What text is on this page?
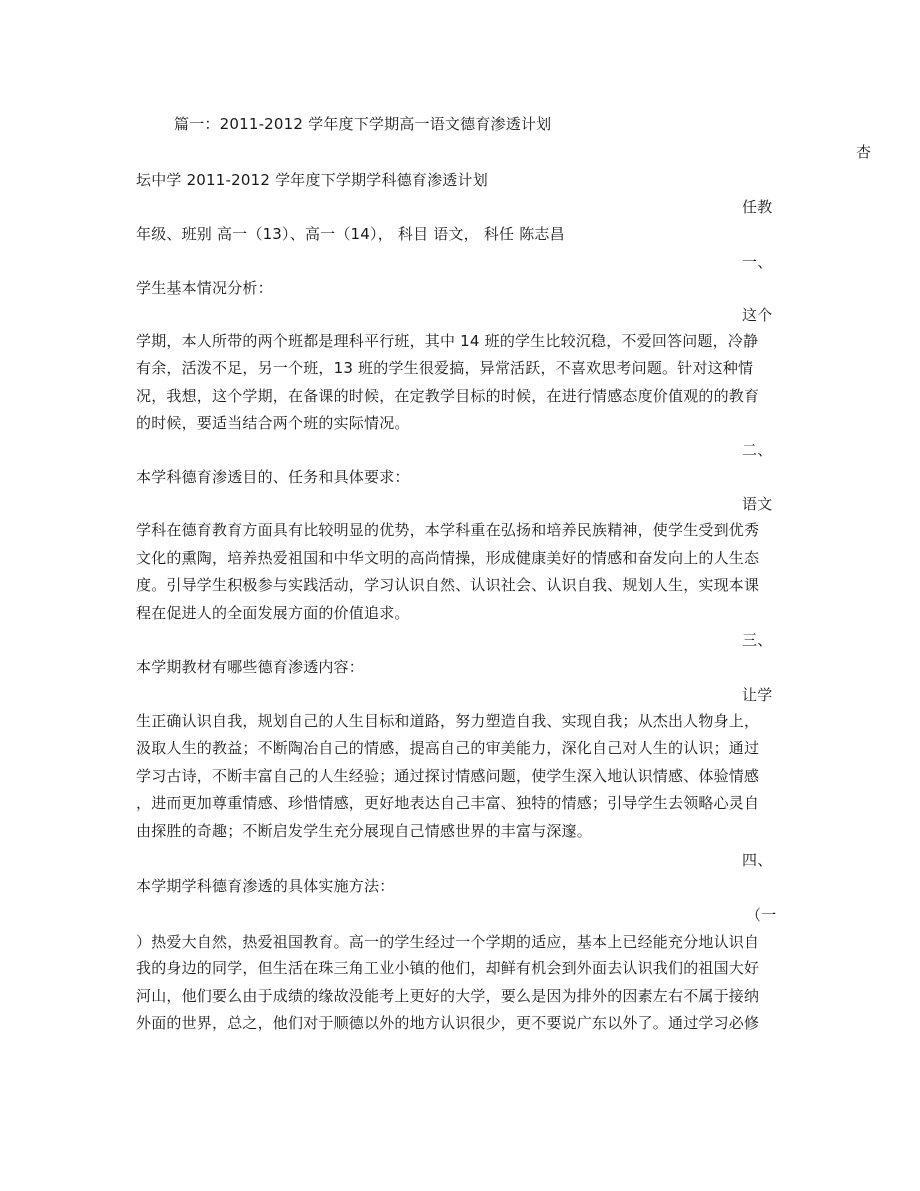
篇一：2011-2012 学年度下学期高一语文德育渗透计划
杏
坛中学 2011-2012 学年度下学期学科德育渗透计划
任教
年级、班别 高一（13）、高一（14）， 科目 语文， 科任 陈志昌
一、
学生基本情况分析：
这个
学期，本人所带的两个班都是理科平行班，其中 14 班的学生比较沉稳，不爱回答问题，冷静
有余，活泼不足，另一个班，13 班的学生很爱搞，异常活跃，不喜欢思考问题。针对这种情
况，我想，这个学期，在备课的时候，在定教学目标的时候，在进行情感态度价值观的的教育
的时候，要适当结合两个班的实际情况。
二、
本学科德育渗透目的、任务和具体要求：
语文
学科在德育教育方面具有比较明显的优势，本学科重在弘扬和培养民族精神，使学生受到优秀
文化的熏陶，培养热爱祖国和中华文明的高尚情操，形成健康美好的情感和奋发向上的人生态
度。引导学生积极参与实践活动，学习认识自然、认识社会、认识自我、规划人生，实现本课
程在促进人的全面发展方面的价值追求。
三、
本学期教材有哪些德育渗透内容：
让学
生正确认识自我，规划自己的人生目标和道路，努力塑造自我、实现自我；从杰出人物身上，
汲取人生的教益；不断陶冶自己的情感，提高自己的审美能力，深化自己对人生的认识；通过
学习古诗，不断丰富自己的人生经验；通过探讨情感问题，使学生深入地认识情感、体验情感
，进而更加尊重情感、珍惜情感，更好地表达自己丰富、独特的情感；引导学生去领略心灵自
由探胜的奇趣；不断启发学生充分展现自己情感世界的丰富与深邃。
四、
本学期学科德育渗透的具体实施方法：
（一
）热爱大自然，热爱祖国教育。高一的学生经过一个学期的适应，基本上已经能充分地认识自
我的身边的同学，但生活在珠三角工业小镇的他们，却鲜有机会到外面去认识我们的祖国大好
河山，他们要么由于成绩的缘故没能考上更好的大学，要么是因为排外的因素左右不属于接纳
外面的世界，总之，他们对于顺德以外的地方认识很少，更不要说广东以外了。通过学习必修
